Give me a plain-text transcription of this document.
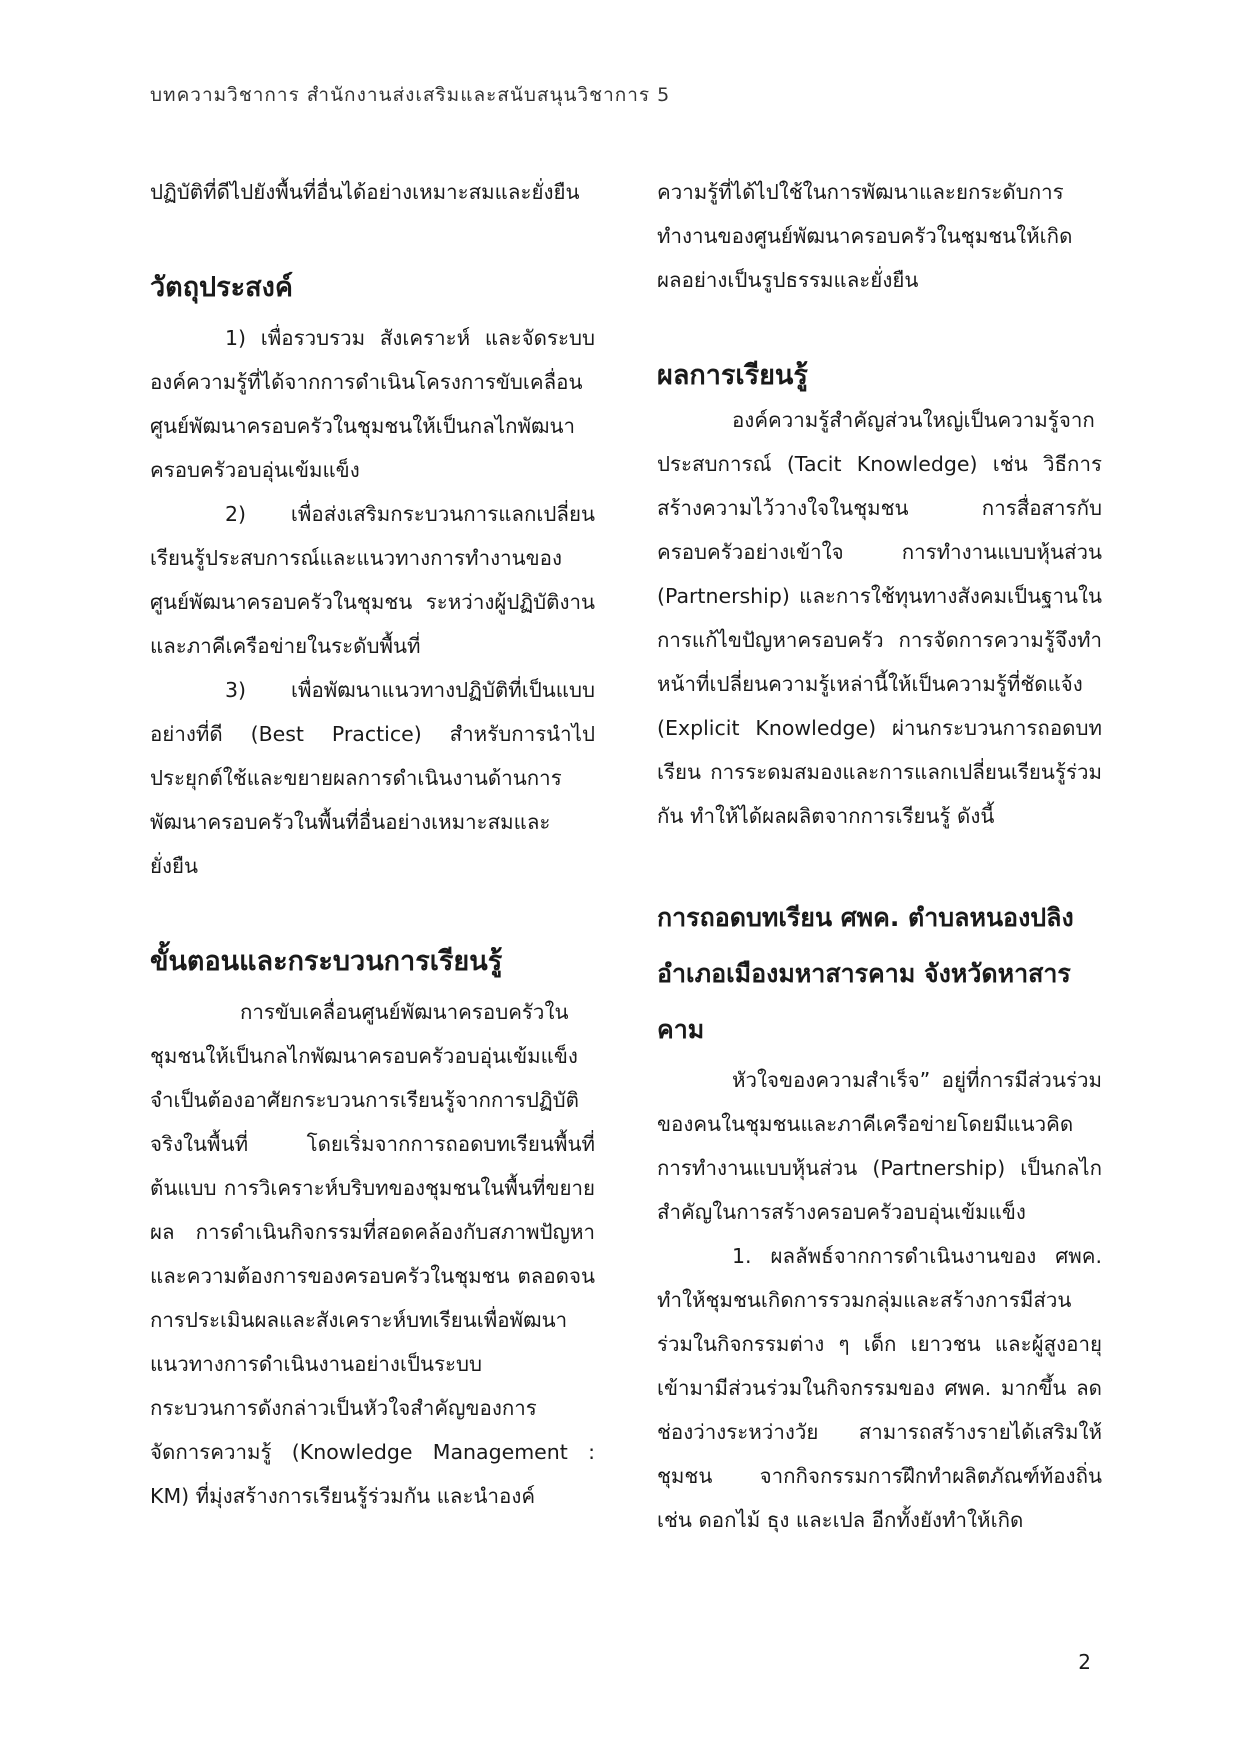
บทความวิชาการ สำนักงานส่งเสริมและสนับสนุนวิชาการ 5

ปฏิบัติที่ดีไปยังพื้นที่อื่นได้อย่างเหมาะสมและยั่งยืน

วัตถุประสงค์

1) เพื่อรวบรวม สังเคราะห์ และจัดระบบองค์ความรู้ที่ได้จากการดำเนินโครงการขับเคลื่อนศูนย์พัฒนาครอบครัวในชุมชนให้เป็นกลไกพัฒนาครอบครัวอบอุ่นเข้มแข็ง

2) เพื่อส่งเสริมกระบวนการแลกเปลี่ยนเรียนรู้ประสบการณ์และแนวทางการทำงานของศูนย์พัฒนาครอบครัวในชุมชน ระหว่างผู้ปฏิบัติงานและภาคีเครือข่ายในระดับพื้นที่

3) เพื่อพัฒนาแนวทางปฏิบัติที่เป็นแบบอย่างที่ดี (Best Practice) สำหรับการนำไปประยุกต์ใช้และขยายผลการดำเนินงานด้านการพัฒนาครอบครัวในพื้นที่อื่นอย่างเหมาะสมและยั่งยืน

ขั้นตอนและกระบวนการเรียนรู้

การขับเคลื่อนศูนย์พัฒนาครอบครัวในชุมชนให้เป็นกลไกพัฒนาครอบครัวอบอุ่นเข้มแข็งจำเป็นต้องอาศัยกระบวนการเรียนรู้จากการปฏิบัติจริงในพื้นที่ โดยเริ่มจากการถอดบทเรียนพื้นที่ต้นแบบ การวิเคราะห์บริบทของชุมชนในพื้นที่ขยายผล การดำเนินกิจกรรมที่สอดคล้องกับสภาพปัญหาและความต้องการของครอบครัวในชุมชน ตลอดจนการประเมินผลและสังเคราะห์บทเรียนเพื่อพัฒนาแนวทางการดำเนินงานอย่างเป็นระบบ กระบวนการดังกล่าวเป็นหัวใจสำคัญของการจัดการความรู้ (Knowledge Management : KM) ที่มุ่งสร้างการเรียนรู้ร่วมกัน และนำองค์

ความรู้ที่ได้ไปใช้ในการพัฒนาและยกระดับการทำงานของศูนย์พัฒนาครอบครัวในชุมชนให้เกิดผลอย่างเป็นรูปธรรมและยั่งยืน

ผลการเรียนรู้

องค์ความรู้สำคัญส่วนใหญ่เป็นความรู้จากประสบการณ์ (Tacit Knowledge) เช่น วิธีการสร้างความไว้วางใจในชุมชน การสื่อสารกับครอบครัวอย่างเข้าใจ การทำงานแบบหุ้นส่วน (Partnership) และการใช้ทุนทางสังคมเป็นฐานในการแก้ไขปัญหาครอบครัว การจัดการความรู้จึงทำหน้าที่เปลี่ยนความรู้เหล่านี้ให้เป็นความรู้ที่ชัดแจ้ง (Explicit Knowledge) ผ่านกระบวนการถอดบทเรียน การระดมสมองและการแลกเปลี่ยนเรียนรู้ร่วมกัน ทำให้ได้ผลผลิตจากการเรียนรู้ ดังนี้

การถอดบทเรียน ศพค. ตำบลหนองปลิง
อำเภอเมืองมหาสารคาม จังหวัดหาสารคาม

หัวใจของความสำเร็จ” อยู่ที่การมีส่วนร่วมของคนในชุมชนและภาคีเครือข่ายโดยมีแนวคิดการทำงานแบบหุ้นส่วน (Partnership) เป็นกลไกสำคัญในการสร้างครอบครัวอบอุ่นเข้มแข็ง

1. ผลลัพธ์จากการดำเนินงานของ ศพค. ทำให้ชุมชนเกิดการรวมกลุ่มและสร้างการมีส่วนร่วมในกิจกรรมต่าง ๆ เด็ก เยาวชน และผู้สูงอายุเข้ามามีส่วนร่วมในกิจกรรมของ ศพค. มากขึ้น ลดช่องว่างระหว่างวัย สามารถสร้างรายได้เสริมให้ชุมชน จากกิจกรรมการฝึกทำผลิตภัณฑ์ท้องถิ่น เช่น ดอกไม้ ธุง และเปล อีกทั้งยังทำให้เกิด

2
